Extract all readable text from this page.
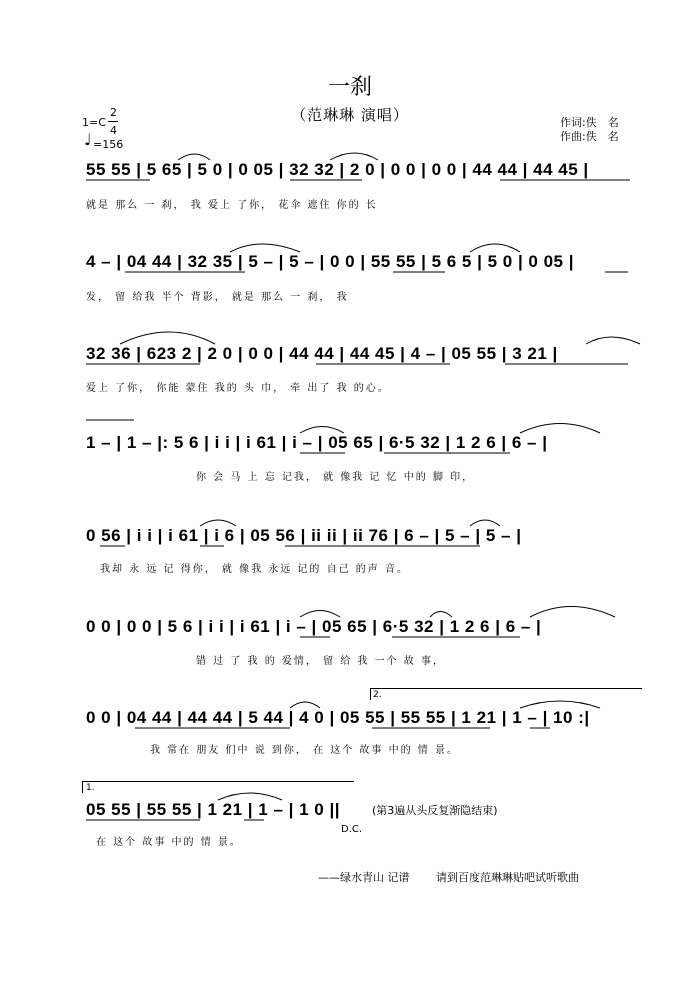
一刹
（范琳琳 演唱）
1=C
2
4
♩ =156
作词:佚　名
作曲:佚　名
55 55 | 5 65 | 5 0 | 0 05 | 32 32 | 2 0 | 0 0 | 0 0 | 44 44 | 44 45 |
就是 那么 一 刹， 我 爱上 了你， 花伞 遮住 你的 长
4 – | 04 44 | 32 35 | 5 – | 5 – | 0 0 | 55 55 | 5 6 5 | 5 0 | 0 05 |
发， 留 给我 半个 背影， 就是 那么 一 刹， 我
32 36 | 623 2 | 2 0 | 0 0 | 44 44 | 44 45 | 4 – | 05 55 | 3 21 |
爱上 了你， 你能 蒙住 我的 头 巾， 牵 出了 我 的心。
1 – | 1 – |: 5 6 | i i | i 61 | i – | 05 65 | 6·5 32 | 1 2 6 | 6 – |
你 会 马 上 忘 记我， 就 像我 记 忆 中的 脚 印，
0 56 | i i | i 61 | i 6 | 05 56 | ii ii | ii 76 | 6 – | 5 – | 5 – |
我却 永 远 记 得你， 就 像我 永远 记的 自己 的声 音。
0 0 | 0 0 | 5 6 | i i | i 61 | i – | 05 65 | 6·5 32 | 1 2 6 | 6 – |
错 过 了 我 的 爱情， 留 给 我 一个 故 事，
2.
0 0 | 04 44 | 44 44 | 5 44 | 4 0 | 05 55 | 55 55 | 1 21 | 1 – | 10 :|
我 常在 朋友 们中 说 到你， 在 这个 故事 中的 情 景。
1.
05 55 | 55 55 | 1 21 | 1 – | 1 0 ||
在 这个 故事 中的 情 景。
D.C.
(第3遍从头反复渐隐结束)
——绿水青山 记谱 请到百度范琳琳贴吧试听歌曲
